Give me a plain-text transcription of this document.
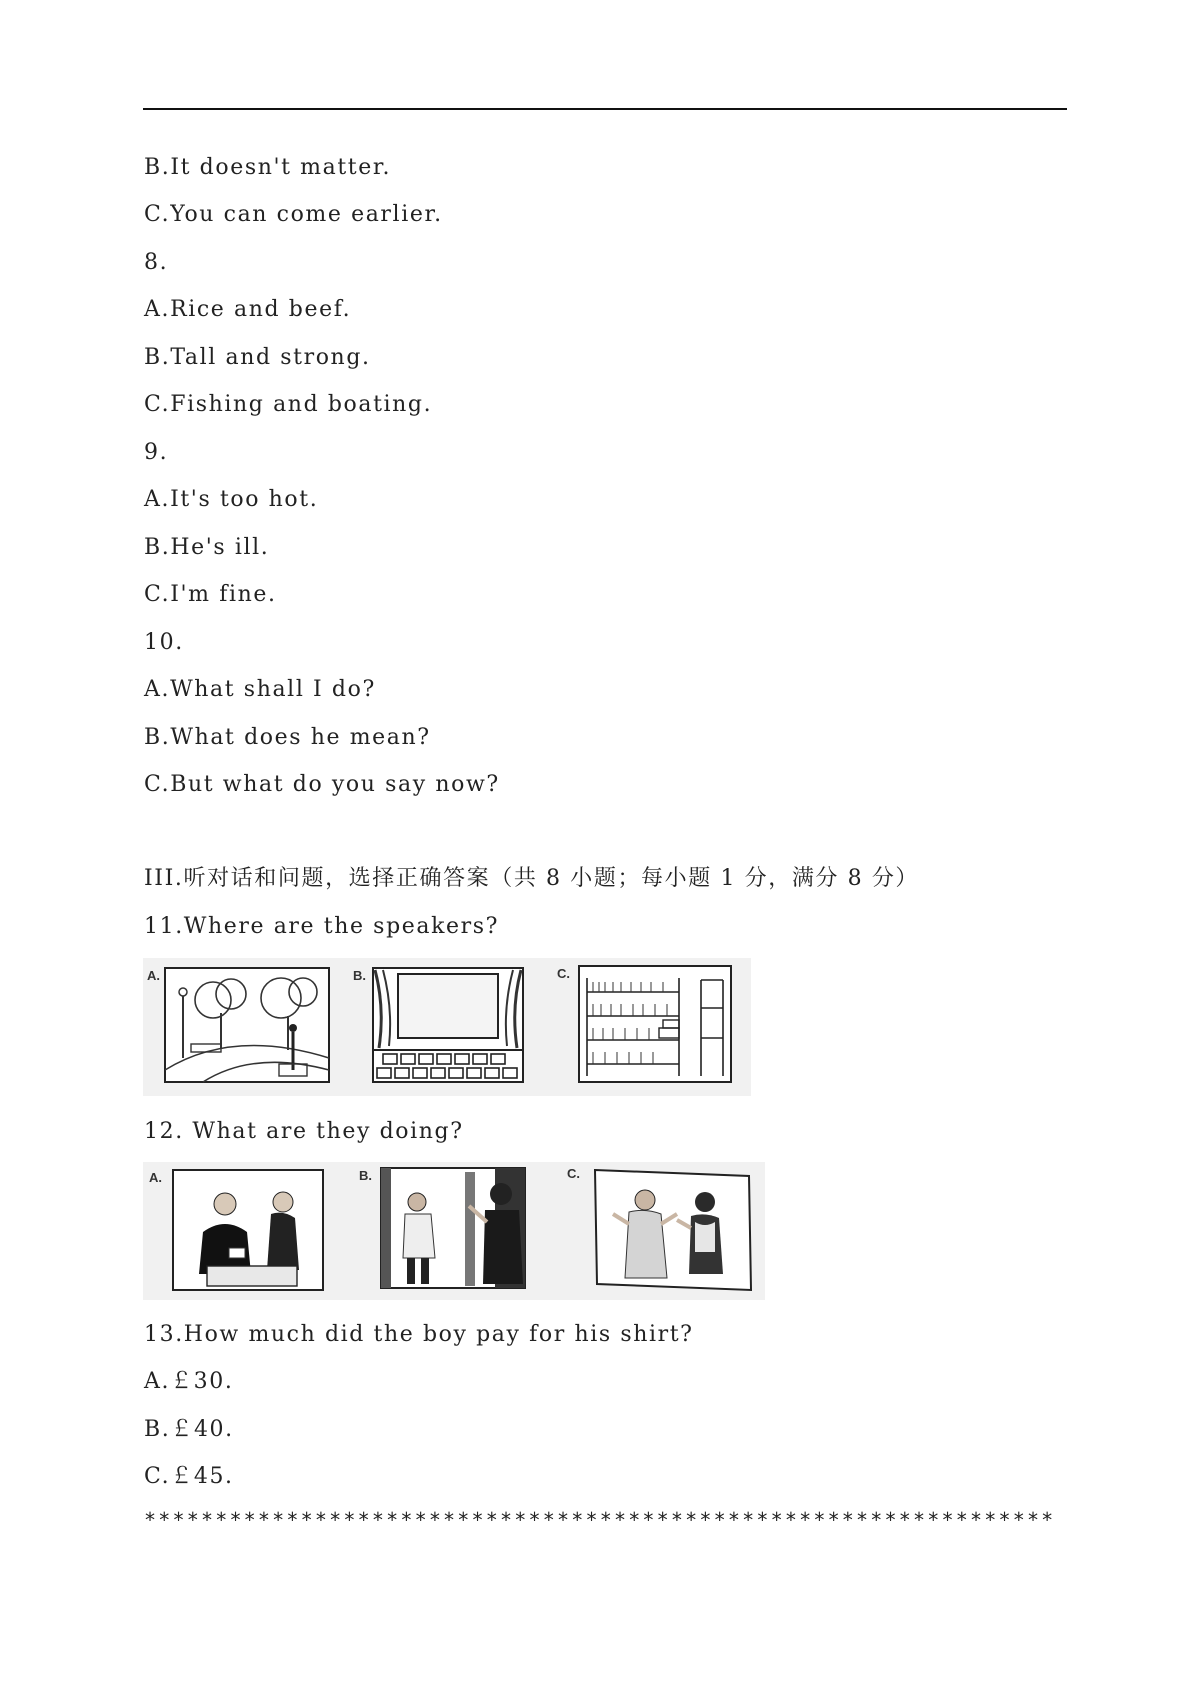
B.It doesn't matter.
C.You can come earlier.
8.
A.Rice and beef.
B.Tall and strong.
C.Fishing and boating.
9.
A.It's too hot.
B.He's ill.
C.I'm fine.
10.
A.What shall I do?
B.What does he mean?
C.But what do you say now?
III.听对话和问题，选择正确答案（共 8 小题；每小题 1 分，满分 8 分）
11.Where are the speakers?
A.	B.	C.
12. What are they doing?
A.	B.	C.
13.How much did the boy pay for his shirt?
A.￡30.
B.￡40.
C.￡45.
****************************************************************
